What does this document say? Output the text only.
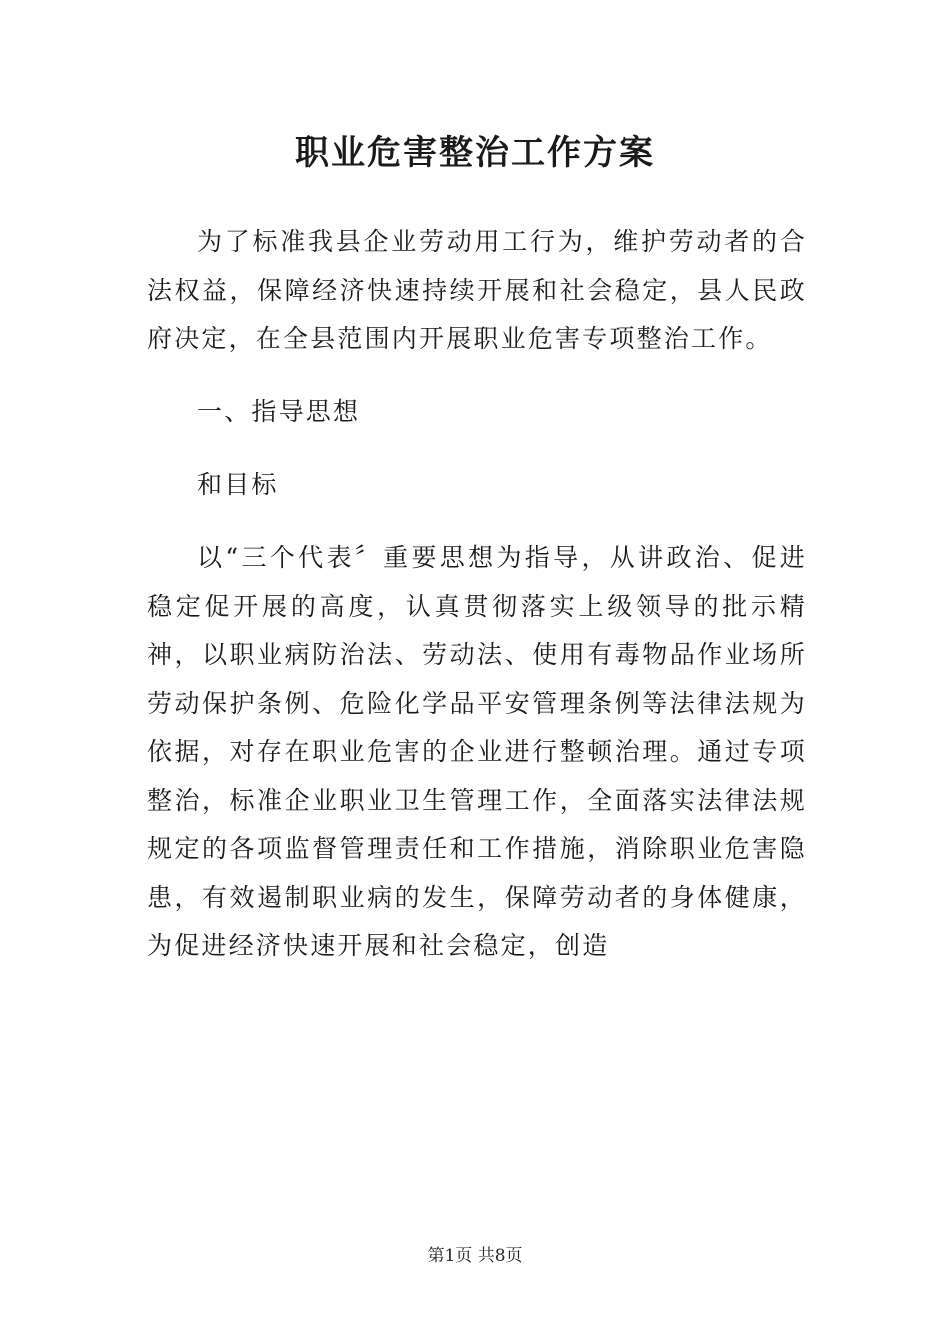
职业危害整治工作方案

为了标准我县企业劳动用工行为，维护劳动者的合法权益，保障经济快速持续开展和社会稳定，县人民政府决定，在全县范围内开展职业危害专项整治工作。

一、指导思想

和目标

以“三个代表〞重要思想为指导，从讲政治、促进稳定促开展的高度，认真贯彻落实上级领导的批示精神，以职业病防治法、劳动法、使用有毒物品作业场所劳动保护条例、危险化学品平安管理条例等法律法规为依据，对存在职业危害的企业进行整顿治理。通过专项整治，标准企业职业卫生管理工作，全面落实法律法规规定的各项监督管理责任和工作措施，消除职业危害隐患，有效遏制职业病的发生，保障劳动者的身体健康，为促进经济快速开展和社会稳定，创造

第1页 共8页
